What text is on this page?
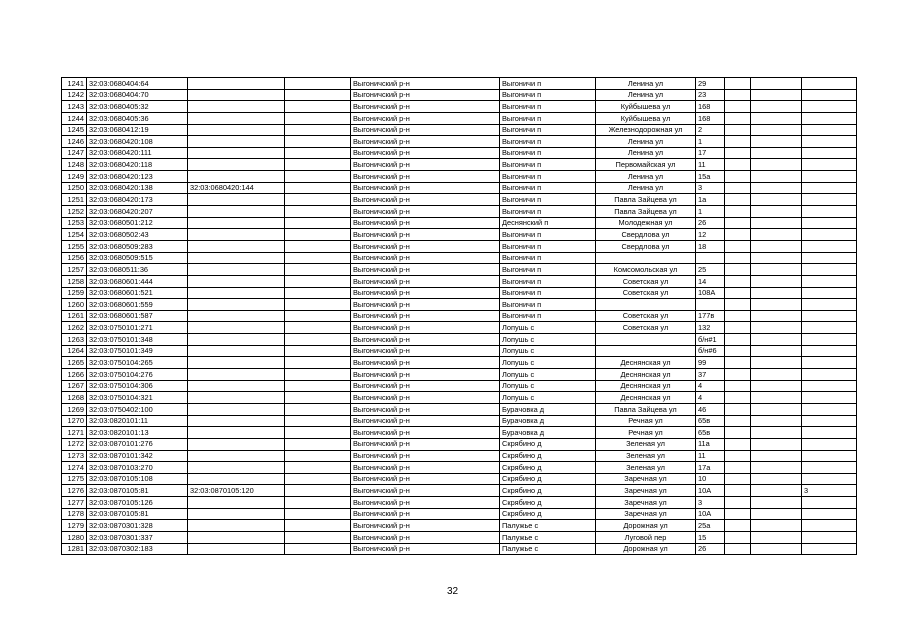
1241	32:03:0680404:64			Выгоничский р-н	Выгоничи п	Ленина ул	29			
1242	32:03:0680404:70			Выгоничский р-н	Выгоничи п	Ленина ул	23			
1243	32:03:0680405:32			Выгоничский р-н	Выгоничи п	Куйбышева ул	168			
1244	32:03:0680405:36			Выгоничский р-н	Выгоничи п	Куйбышева ул	168			
1245	32:03:0680412:19			Выгоничский р-н	Выгоничи п	Железнодорожная ул	2			
1246	32:03:0680420:108			Выгоничский р-н	Выгоничи п	Ленина ул	1			
1247	32:03:0680420:111			Выгоничский р-н	Выгоничи п	Ленина ул	17			
1248	32:03:0680420:118			Выгоничский р-н	Выгоничи п	Первомайская ул	11			
1249	32:03:0680420:123			Выгоничский р-н	Выгоничи п	Ленина ул	15а			
1250	32:03:0680420:138	32:03:0680420:144		Выгоничский р-н	Выгоничи п	Ленина ул	3			
1251	32:03:0680420:173			Выгоничский р-н	Выгоничи п	Павла Зайцева ул	1а			
1252	32:03:0680420:207			Выгоничский р-н	Выгоничи п	Павла Зайцева ул	1			
1253	32:03:0680501:212			Выгоничский р-н	Деснянский п	Молодежная ул	26			
1254	32:03:0680502:43			Выгоничский р-н	Выгоничи п	Свердлова ул	12			
1255	32:03:0680509:283			Выгоничский р-н	Выгоничи п	Свердлова ул	18			
1256	32:03:0680509:515			Выгоничский р-н	Выгоничи п					
1257	32:03:0680511:36			Выгоничский р-н	Выгоничи п	Комсомольская ул	25			
1258	32:03:0680601:444			Выгоничский р-н	Выгоничи п	Советская ул	14			
1259	32:03:0680601:521			Выгоничский р-н	Выгоничи п	Советская ул	108А			
1260	32:03:0680601:559			Выгоничский р-н	Выгоничи п					
1261	32:03:0680601:587			Выгоничский р-н	Выгоничи п	Советская ул	177в			
1262	32:03:0750101:271			Выгоничский р-н	Лопушь с	Советская ул	132			
1263	32:03:0750101:348			Выгоничский р-н	Лопушь с		б/н#1			
1264	32:03:0750101:349			Выгоничский р-н	Лопушь с		б/н#6			
1265	32:03:0750104:265			Выгоничский р-н	Лопушь с	Деснянская ул	99			
1266	32:03:0750104:276			Выгоничский р-н	Лопушь с	Деснянская ул	37			
1267	32:03:0750104:306			Выгоничский р-н	Лопушь с	Деснянская ул	4			
1268	32:03:0750104:321			Выгоничский р-н	Лопушь с	Деснянская ул	4			
1269	32:03:0750402:100			Выгоничский р-н	Бурачовка д	Павла Зайцева ул	46			
1270	32:03:0820101:11			Выгоничский р-н	Бурачовка д	Речная ул	65в			
1271	32:03:0820101:13			Выгоничский р-н	Бурачовка д	Речная ул	65в			
1272	32:03:0870101:276			Выгоничский р-н	Скрябино д	Зеленая ул	11а			
1273	32:03:0870101:342			Выгоничский р-н	Скрябино д	Зеленая ул	11			
1274	32:03:0870103:270			Выгоничский р-н	Скрябино д	Зеленая ул	17а			
1275	32:03:0870105:108			Выгоничский р-н	Скрябино д	Заречная ул	10			
1276	32:03:0870105:81	32:03:0870105:120		Выгоничский р-н	Скрябино д	Заречная ул	10А			3
1277	32:03:0870105:126			Выгоничский р-н	Скрябино д	Заречная ул	3			
1278	32:03:0870105:81			Выгоничский р-н	Скрябино д	Заречная ул	10А			
1279	32:03:0870301:328			Выгоничский р-н	Палужье с	Дорожная ул	25а			
1280	32:03:0870301:337			Выгоничский р-н	Палужье с	Луговой пер	15			
1281	32:03:0870302:183			Выгоничский р-н	Палужье с	Дорожная ул	26			
32
